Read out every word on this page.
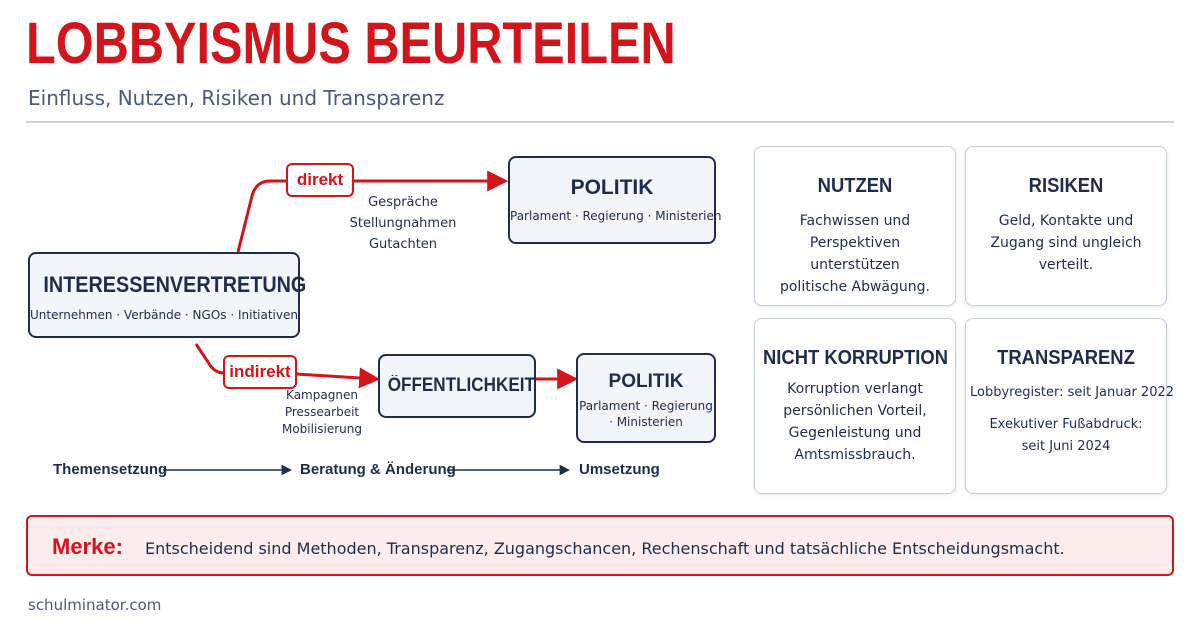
LOBBYISMUS BEURTEILEN
Einfluss, Nutzen, Risiken und Transparenz
INTERESSENVERTRETUNG
Unternehmen · Verbände · NGOs · Initiativen
direkt
Gespräche
Stellungnahmen
Gutachten
POLITIK
Parlament · Regierung · Ministerien
indirekt
Kampagnen
Pressearbeit
Mobilisierung
ÖFFENTLICHKEIT	POLITIK
Parlament · Regierung
· Ministerien
Themensetzung	Beratung & Änderung	Umsetzung
NUTZEN
Fachwissen und
Perspektiven unterstützen
politische Abwägung.
RISIKEN
Geld, Kontakte und
Zugang sind ungleich
verteilt.
NICHT KORRUPTION
Korruption verlangt
persönlichen Vorteil,
Gegenleistung und
Amtsmissbrauch.
TRANSPARENZ
Lobbyregister: seit Januar 2022
Exekutiver Fußabdruck:
seit Juni 2024
Merke: Entscheidend sind Methoden, Transparenz, Zugangschancen, Rechenschaft und tatsächliche Entscheidungsmacht.
schulminator.com
